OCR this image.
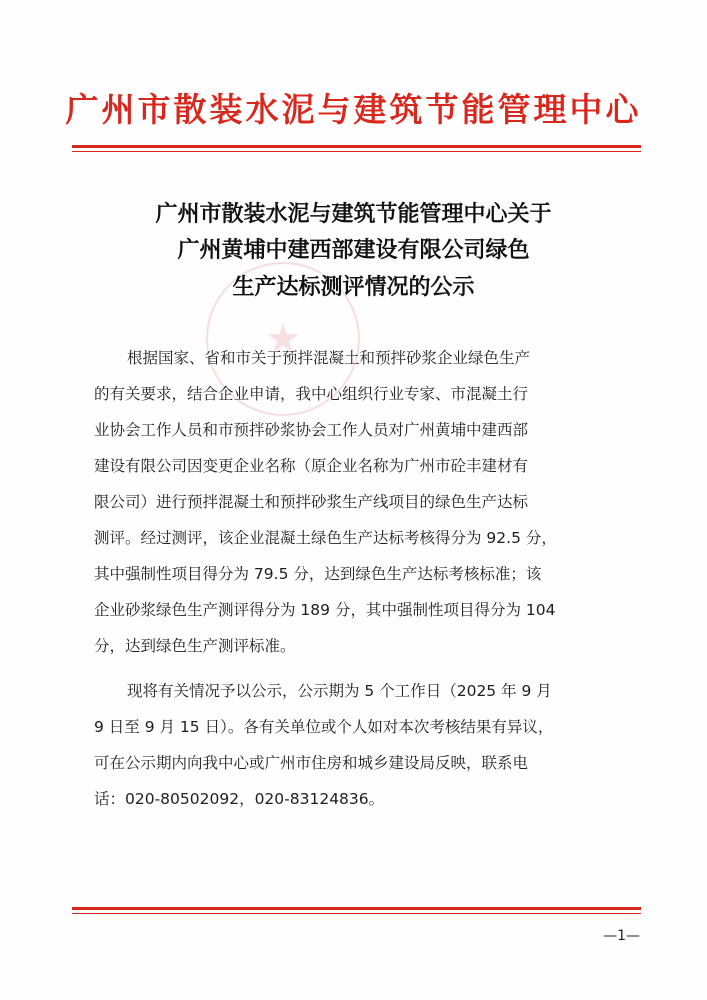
广州市散装水泥与建筑节能管理中心
★
广州市散装水泥与建筑节能管理中心关于
广州黄埔中建西部建设有限公司绿色
生产达标测评情况的公示
根据国家、省和市关于预拌混凝土和预拌砂浆企业绿色生产
的有关要求，结合企业申请，我中心组织行业专家、市混凝土行
业协会工作人员和市预拌砂浆协会工作人员对广州黄埔中建西部
建设有限公司因变更企业名称（原企业名称为广州市砼丰建材有
限公司）进行预拌混凝土和预拌砂浆生产线项目的绿色生产达标
测评。经过测评，该企业混凝土绿色生产达标考核得分为 92.5 分，
其中强制性项目得分为 79.5 分，达到绿色生产达标考核标准；该
企业砂浆绿色生产测评得分为 189 分，其中强制性项目得分为 104
分，达到绿色生产测评标准。
现将有关情况予以公示，公示期为 5 个工作日（2025 年 9 月
9 日至 9 月 15 日）。各有关单位或个人如对本次考核结果有异议，
可在公示期内向我中心或广州市住房和城乡建设局反映，联系电
话：020-80502092，020-83124836。
—1—
